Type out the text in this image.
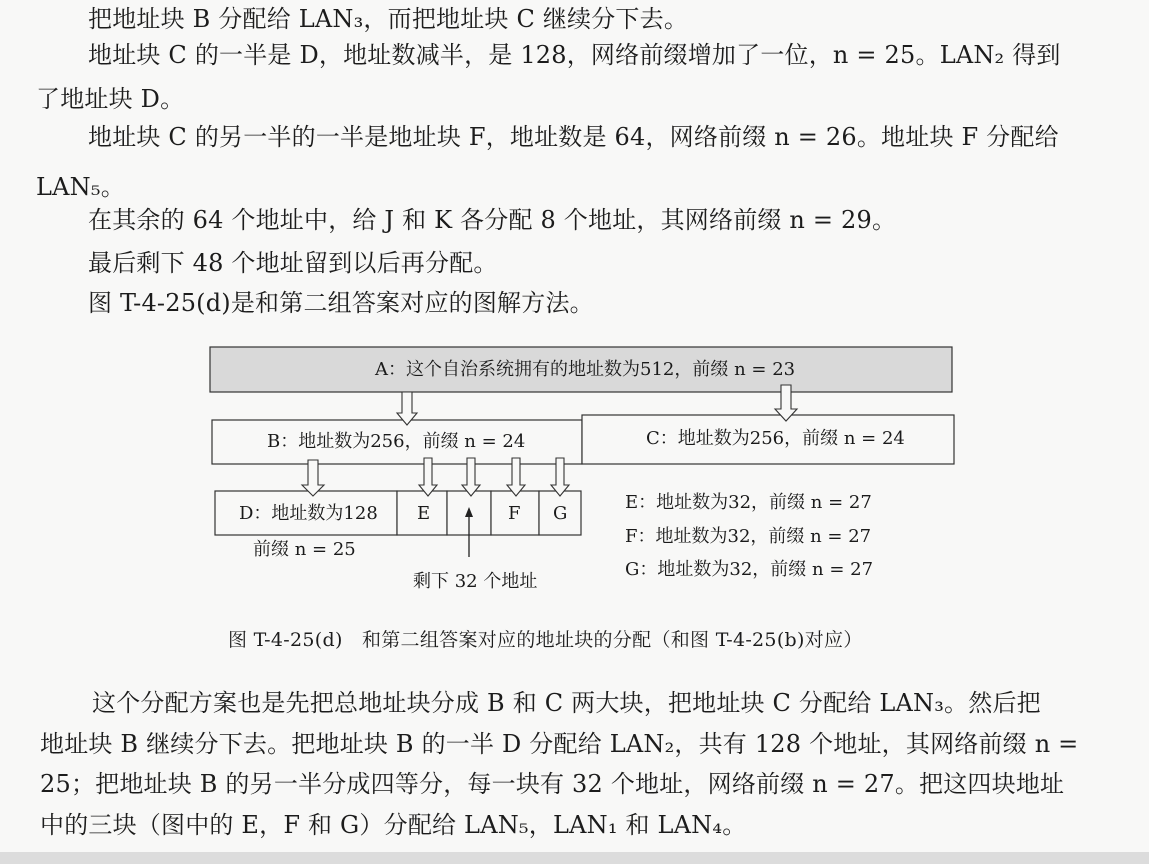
把地址块 B 分配给 LAN₃，而把地址块 C 继续分下去。
地址块 C 的一半是 D，地址数减半，是 128，网络前缀增加了一位，n = 25。LAN₂ 得到
了地址块 D。
地址块 C 的另一半的一半是地址块 F，地址数是 64，网络前缀 n = 26。地址块 F 分配给
LAN₅。
在其余的 64 个地址中，给 J 和 K 各分配 8 个地址，其网络前缀 n = 29。
最后剩下 48 个地址留到以后再分配。
图 T-4-25(d)是和第二组答案对应的图解方法。
A：这个自治系统拥有的地址数为512，前缀 n = 23
B：地址数为256，前缀 n = 24	C：地址数为256，前缀 n = 24
D：地址数为128 E	F G
前缀 n = 25
剩下 32 个地址
E：地址数为32，前缀 n = 27
F：地址数为32，前缀 n = 27
G：地址数为32，前缀 n = 27
图 T-4-25(d)　和第二组答案对应的地址块的分配（和图 T-4-25(b)对应）
这个分配方案也是先把总地址块分成 B 和 C 两大块，把地址块 C 分配给 LAN₃。然后把
地址块 B 继续分下去。把地址块 B 的一半 D 分配给 LAN₂，共有 128 个地址，其网络前缀 n =
25；把地址块 B 的另一半分成四等分，每一块有 32 个地址，网络前缀 n = 27。把这四块地址
中的三块（图中的 E，F 和 G）分配给 LAN₅，LAN₁ 和 LAN₄。
